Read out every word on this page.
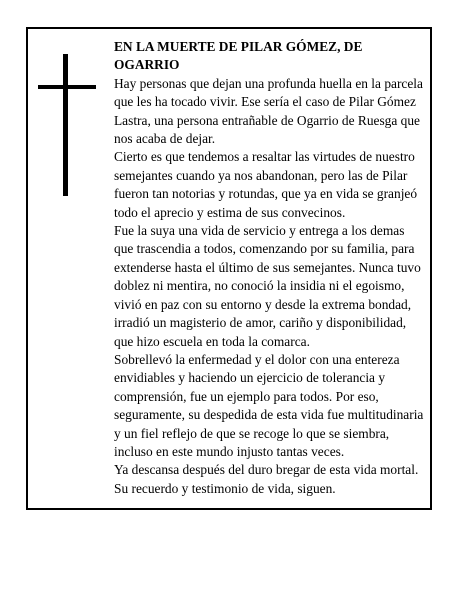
EN LA MUERTE DE PILAR GÓMEZ, DE OGARRIO

Hay personas que dejan una profunda huella en la parcela que les ha tocado vivir. Ese sería el caso de Pilar Gómez Lastra, una persona entrañable de Ogarrio de Ruesga que nos acaba de dejar.

Cierto es que tendemos a resaltar las virtudes de nuestro semejantes cuando ya nos abandonan, pero las de Pilar fueron tan notorias y rotundas, que ya en vida se granjeó todo el aprecio y estima de sus convecinos.

Fue la suya una vida de servicio y entrega a los demas que trascendia a todos, comenzando por su familia, para extenderse hasta el último de sus semejantes. Nunca tuvo doblez ni mentira, no conoció la insidia ni el egoismo, vivió en paz con su entorno y desde la extrema bondad, irradió un magisterio de amor, cariño y disponibilidad, que hizo escuela en toda la comarca.

Sobrellevó la enfermedad y el dolor con una entereza envidiables y haciendo un ejercicio de tolerancia y comprensión, fue un ejemplo para todos. Por eso, seguramente, su despedida de esta vida fue multitudinaria y un fiel reflejo de que se recoge lo que se siembra, incluso en este mundo injusto tantas veces.

Ya descansa después del duro bregar de esta vida mortal. Su recuerdo y testimonio de vida, siguen.
